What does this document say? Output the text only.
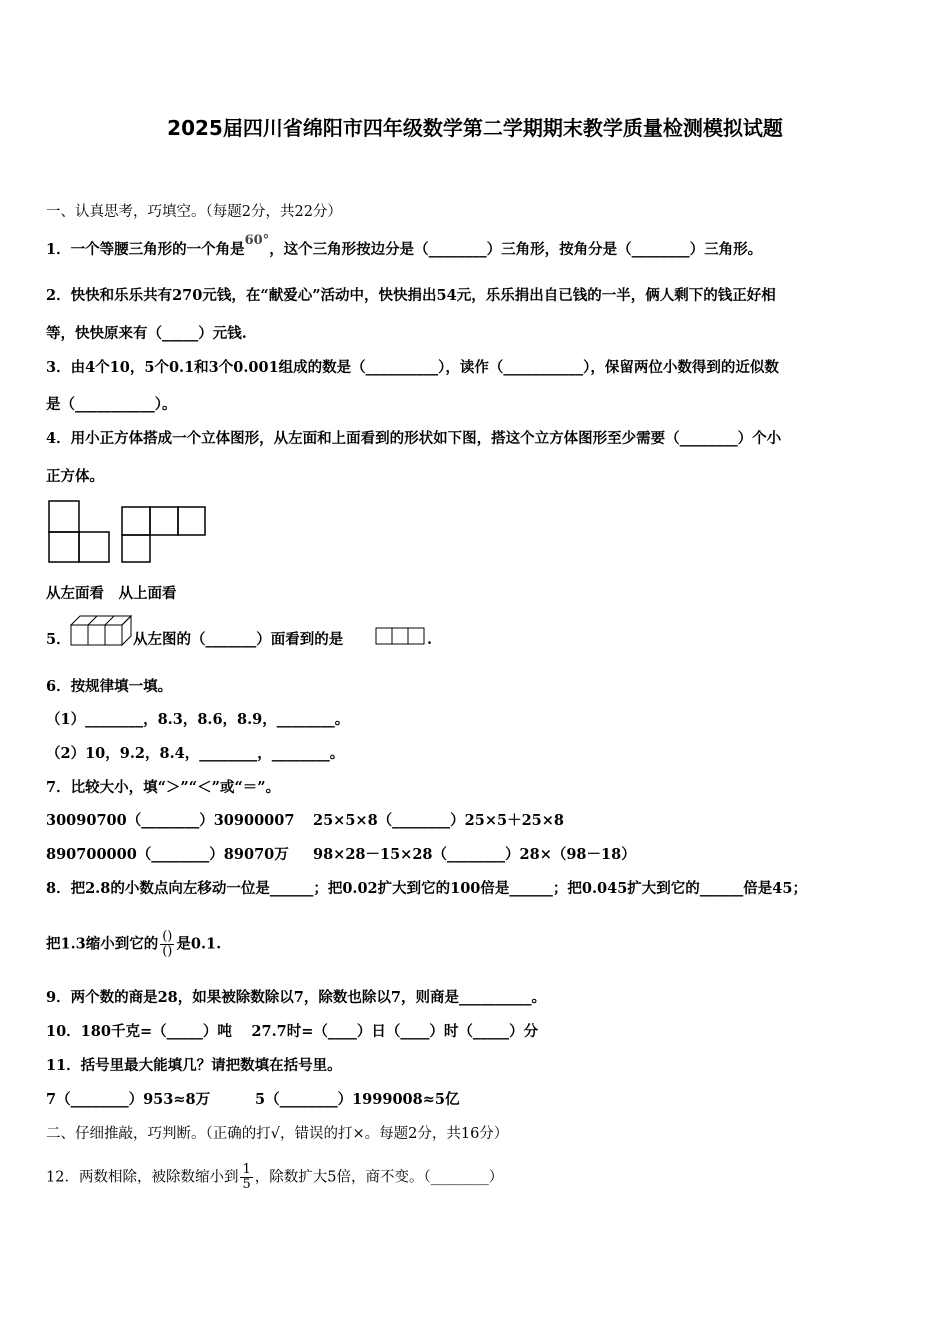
2025届四川省绵阳市四年级数学第二学期期末教学质量检测模拟试题
一、认真思考，巧填空。（每题2分，共22分）
1．一个等腰三角形的一个角是60°，这个三角形按边分是（________）三角形，按角分是（________）三角形。
2．快快和乐乐共有270元钱，在“献爱心”活动中，快快捐出54元，乐乐捐出自已钱的一半，俩人剩下的钱正好相
等，快快原来有（_____）元钱.
3．由4个10，5个0.1和3个0.001组成的数是（__________），读作（___________），保留两位小数得到的近似数
是（___________）。
4．用小正方体搭成一个立体图形，从左面和上面看到的形状如下图，搭这个立方体图形至少需要（________）个小
正方体。
从左面看　从上面看
5．	从左图的（_______）面看到的是	.
6．按规律填一填。
（1）________，8.3，8.6，8.9，________。
（2）10，9.2，8.4，________，________。
7．比较大小，填“＞”“＜”或“＝”。
30090700（________）30900007 25×5×8（________）25×5＋25×8
890700000（________）89070万 98×28－15×28（________）28×（98－18）
8．把2.8的小数点向左移动一位是______；把0.02扩大到它的100倍是______；把0.045扩大到它的______倍是45；
把1.3缩小到它的 $\frac{()}{()}$ 是0.1.
9．两个数的商是28，如果被除数除以7，除数也除以7，则商是__________。
10．180千克=（_____）吨　 27.7时=（____）日（____）时（_____）分
11．括号里最大能填几？请把数填在括号里。
7（________）953≈8万	5（________）1999008≈5亿
二、仔细推敲，巧判断。（正确的打√，错误的打×。每题2分，共16分）
12．两数相除，被除数缩小到 $\frac{1}{5}$ ，除数扩大5倍，商不变。（________）
